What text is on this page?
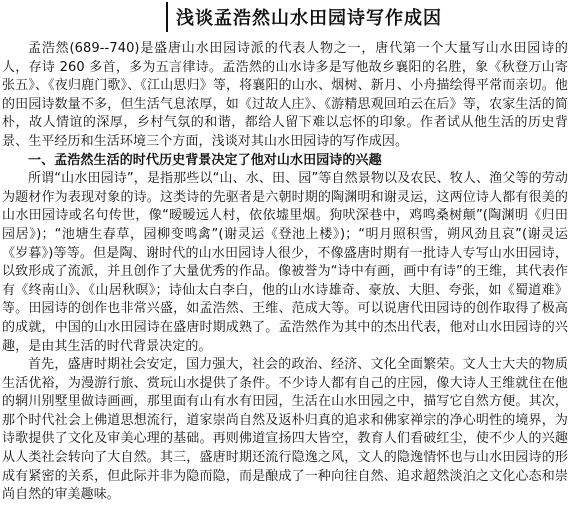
浅谈孟浩然山水田园诗写作成因

孟浩然(689--740)是盛唐山水田园诗派的代表人物之一，唐代第一个大量写山水田园诗的人，存诗 260 多首，多为五言律诗。孟浩然的山水诗多是写他故乡襄阳的名胜，象《秋登万山寄张五》、《夜归鹿门歌》、《江山思归》等，将襄阳的山水、烟树、新月、小舟描绘得平常而亲切。他的田园诗数量不多，但生活气息浓厚，如《过故人庄》、《游精思观回珀云在后》等，农家生活的简朴，故人情谊的深厚，乡村气氛的和谐，都给人留下难以忘怀的印象。作者试从他生活的历史背景、生平经历和生活环境三个方面，浅谈对其山水田园诗的写作成因。

一、孟浩然生活的时代历史背景决定了他对山水田园诗的兴趣

所谓“山水田园诗”，是指那些以“山、水、田、园”等自然景物以及农民、牧人、渔父等的劳动为题材作为表现对象的诗。这类诗的先驱者是六朝时期的陶渊明和谢灵运，这两位诗人都有很美的山水田园诗或名句传世，像“暧暧远人村，依依墟里烟。狗吠深巷中，鸡鸣桑树颠”(陶渊明《归田园居》)；“池塘生春草，园柳变鸣禽”(谢灵运《登池上楼》)；“明月照积雪，朔风劲且哀”(谢灵运《岁暮》)等等。但是陶、谢时代的山水田园诗人很少，不像盛唐时期有一批诗人专写山水田园诗，以致形成了流派，并且创作了大量优秀的作品。像被誉为“诗中有画，画中有诗”的王维，其代表作有《终南山》、《山居秋暝》；诗仙太白李白，他的山水诗雄奇、豪放、大胆、夸张，如《蜀道难》等。田园诗的创作也非常兴盛，如孟浩然、王维、范成大等。可以说唐代田园诗的创作取得了极高的成就，中国的山水田园诗在盛唐时期成熟了。孟浩然作为其中的杰出代表，他对山水田园诗的兴趣，是由其生活的时代背景决定的。

首先，盛唐时期社会安定，国力强大，社会的政治、经济、文化全面繁荣。文人士大夫的物质生活优裕，为漫游行旅、赏玩山水提供了条件。不少诗人都有自己的庄园，像大诗人王维就住在他的辋川别墅里做诗画画，那里面有山有水有田园，生活在山水田园之中，描写它自然方便。其次，那个时代社会上佛道思想流行，道家崇尚自然及返朴归真的追求和佛家禅宗的净心明性的境界，为诗歌提供了文化及审美心理的基础。再则佛道宣扬四大皆空，教育人们看破红尘，使不少人的兴趣从人类社会转向了大自然。其三，盛唐时期还流行隐逸之风，文人的隐逸情怀也与山水田园诗的形成有紧密的关系，但此际并非为隐而隐，而是酿成了一种向往自然、追求超然淡泊之文化心态和崇尚自然的审美趣味。
